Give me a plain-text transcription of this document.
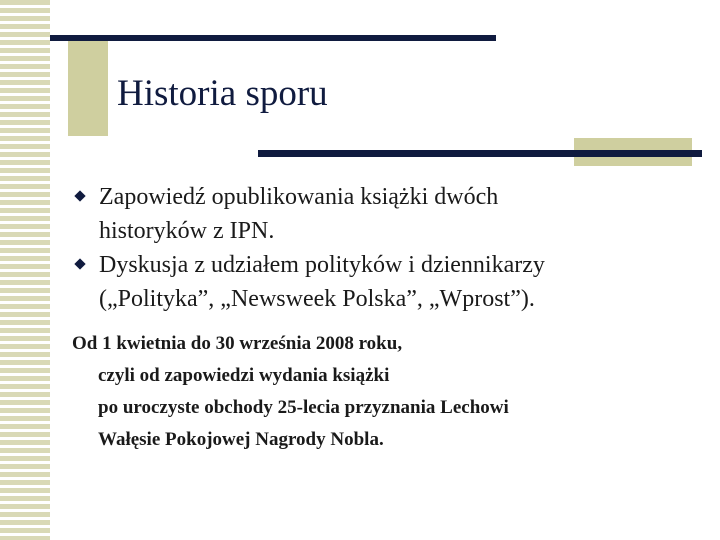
Historia sporu
Zapowiedź opublikowania książki dwóch
historyków z IPN.
Dyskusja z udziałem polityków i dziennikarzy
(„Polityka”, „Newsweek Polska”, „Wprost”).
Od 1 kwietnia do 30 września 2008 roku,
czyli od zapowiedzi wydania książki
po uroczyste obchody 25-lecia przyznania Lechowi
Wałęsie Pokojowej Nagrody Nobla.
